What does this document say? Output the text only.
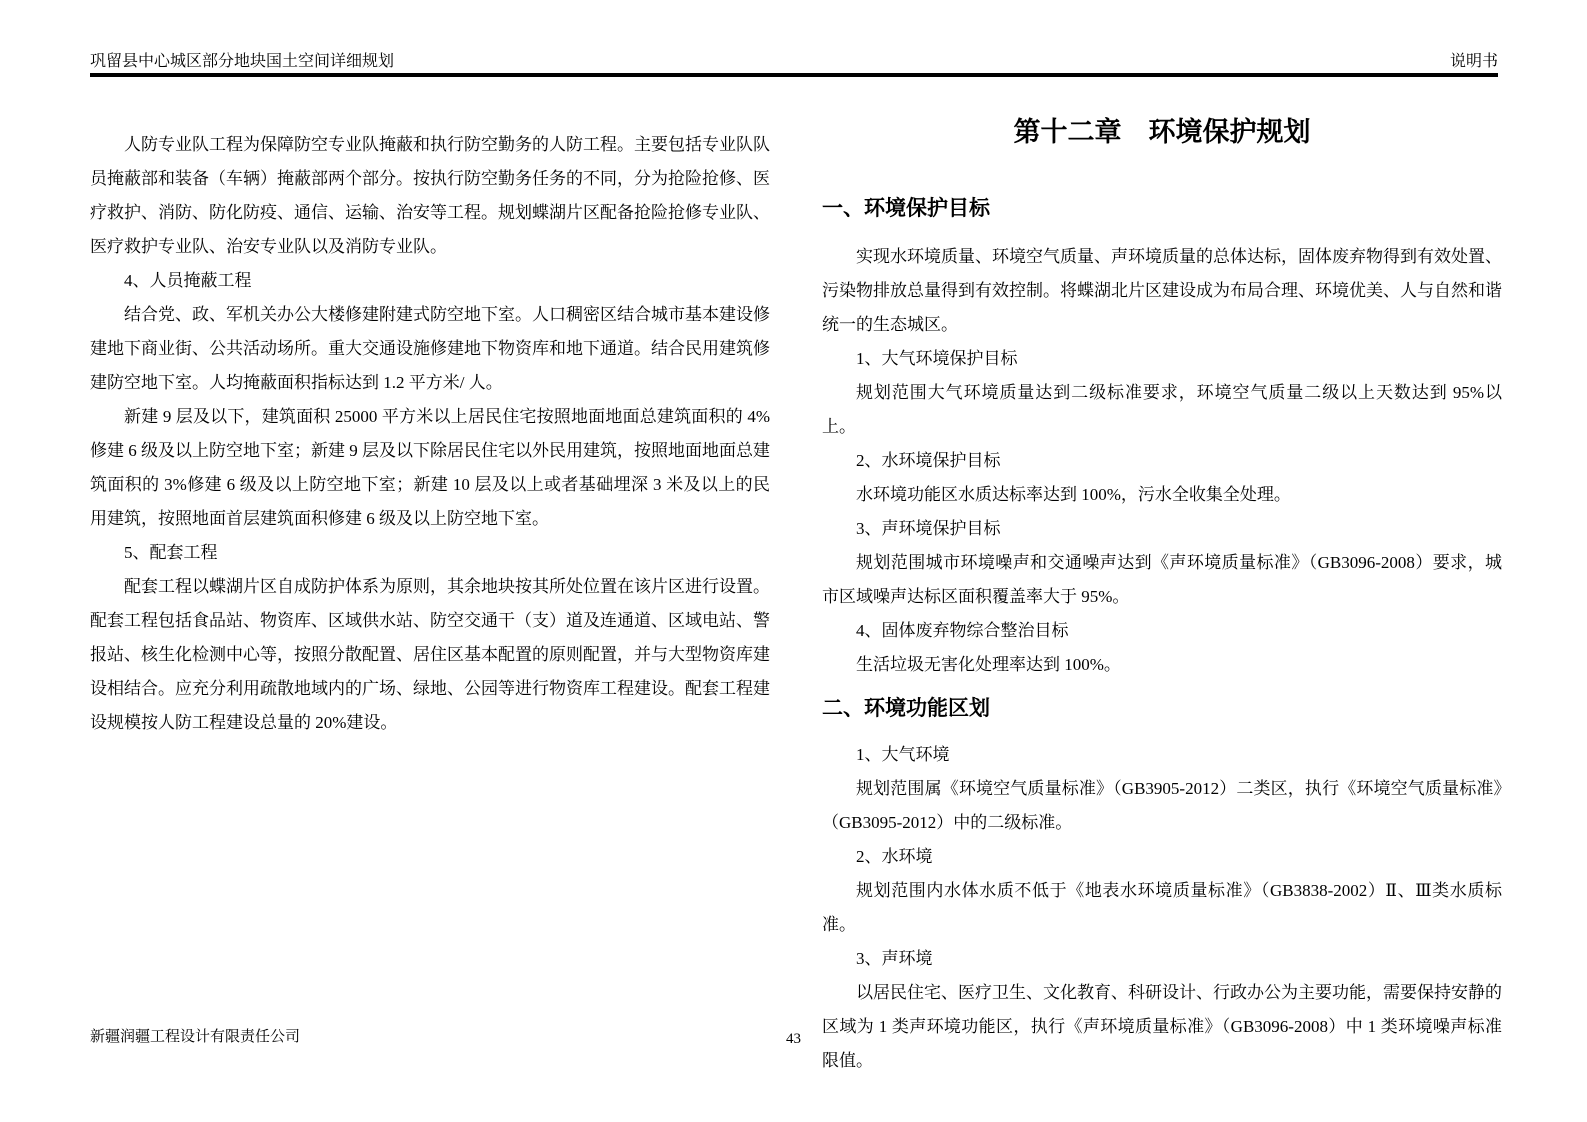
巩留县中心城区部分地块国土空间详细规划	说明书

人防专业队工程为保障防空专业队掩蔽和执行防空勤务的人防工程。主要包括专业队队员掩蔽部和装备（车辆）掩蔽部两个部分。按执行防空勤务任务的不同，分为抢险抢修、医疗救护、消防、防化防疫、通信、运输、治安等工程。规划蝶湖片区配备抢险抢修专业队、医疗救护专业队、治安专业队以及消防专业队。

4、人员掩蔽工程

结合党、政、军机关办公大楼修建附建式防空地下室。人口稠密区结合城市基本建设修建地下商业街、公共活动场所。重大交通设施修建地下物资库和地下通道。结合民用建筑修建防空地下室。人均掩蔽面积指标达到 1.2 平方米/ 人。

新建 9 层及以下，建筑面积 25000 平方米以上居民住宅按照地面地面总建筑面积的 4%修建 6 级及以上防空地下室；新建 9 层及以下除居民住宅以外民用建筑，按照地面地面总建筑面积的 3%修建 6 级及以上防空地下室；新建 10 层及以上或者基础埋深 3 米及以上的民用建筑，按照地面首层建筑面积修建 6 级及以上防空地下室。

5、配套工程

配套工程以蝶湖片区自成防护体系为原则，其余地块按其所处位置在该片区进行设置。配套工程包括食品站、物资库、区域供水站、防空交通干（支）道及连通道、区域电站、警报站、核生化检测中心等，按照分散配置、居住区基本配置的原则配置，并与大型物资库建设相结合。应充分利用疏散地域内的广场、绿地、公园等进行物资库工程建设。配套工程建设规模按人防工程建设总量的 20%建设。

第十二章　环境保护规划
一、环境保护目标

实现水环境质量、环境空气质量、声环境质量的总体达标，固体废弃物得到有效处置、污染物排放总量得到有效控制。将蝶湖北片区建设成为布局合理、环境优美、人与自然和谐统一的生态城区。

1、大气环境保护目标

规划范围大气环境质量达到二级标准要求，环境空气质量二级以上天数达到 95%以上。

2、水环境保护目标

水环境功能区水质达标率达到 100%，污水全收集全处理。

3、声环境保护目标

规划范围城市环境噪声和交通噪声达到《声环境质量标准》（GB3096-2008）要求，城市区域噪声达标区面积覆盖率大于 95%。

4、固体废弃物综合整治目标

生活垃圾无害化处理率达到 100%。

二、环境功能区划

1、大气环境

规划范围属《环境空气质量标准》（GB3905-2012）二类区，执行《环境空气质量标准》（GB3095-2012）中的二级标准。

2、水环境

规划范围内水体水质不低于《地表水环境质量标准》（GB3838-2002）Ⅱ、Ⅲ类水质标准。

3、声环境

以居民住宅、医疗卫生、文化教育、科研设计、行政办公为主要功能，需要保持安静的区域为 1 类声环境功能区，执行《声环境质量标准》（GB3096-2008）中 1 类环境噪声标准限值。

新疆润疆工程设计有限责任公司	43
